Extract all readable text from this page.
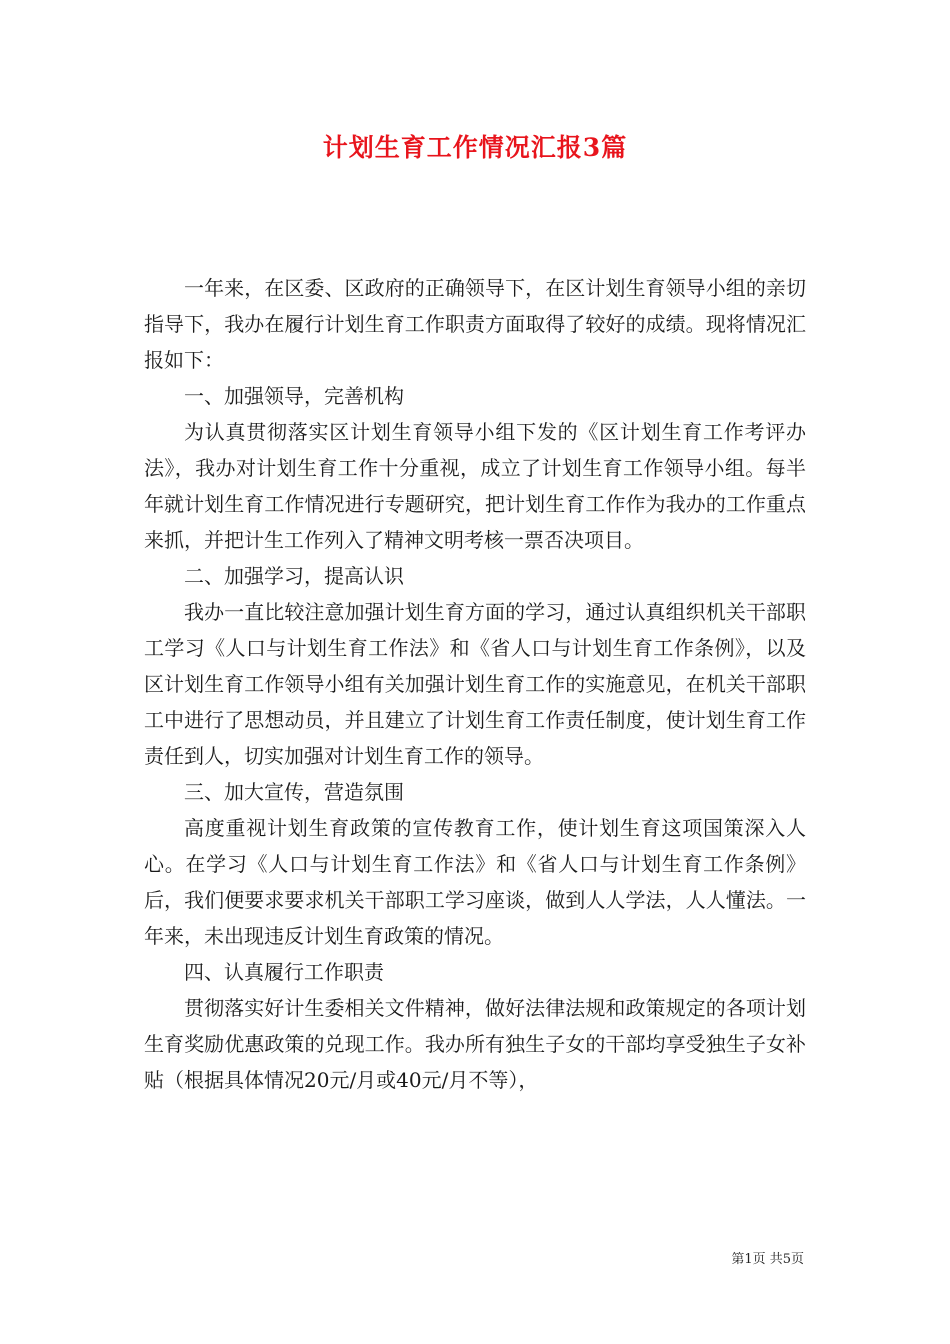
计划生育工作情况汇报3篇

一年来，在区委、区政府的正确领导下，在区计划生育领导小组的亲切指导下，我办在履行计划生育工作职责方面取得了较好的成绩。现将情况汇报如下：

一、加强领导，完善机构

为认真贯彻落实区计划生育领导小组下发的《区计划生育工作考评办法》，我办对计划生育工作十分重视，成立了计划生育工作领导小组。每半年就计划生育工作情况进行专题研究，把计划生育工作作为我办的工作重点来抓，并把计生工作列入了精神文明考核一票否决项目。

二、加强学习，提高认识

我办一直比较注意加强计划生育方面的学习，通过认真组织机关干部职工学习《人口与计划生育工作法》和《省人口与计划生育工作条例》，以及区计划生育工作领导小组有关加强计划生育工作的实施意见，在机关干部职工中进行了思想动员，并且建立了计划生育工作责任制度，使计划生育工作责任到人，切实加强对计划生育工作的领导。

三、加大宣传，营造氛围

高度重视计划生育政策的宣传教育工作，使计划生育这项国策深入人心。在学习《人口与计划生育工作法》和《省人口与计划生育工作条例》后，我们便要求要求机关干部职工学习座谈，做到人人学法，人人懂法。一年来，未出现违反计划生育政策的情况。

四、认真履行工作职责

贯彻落实好计生委相关文件精神，做好法律法规和政策规定的各项计划生育奖励优惠政策的兑现工作。我办所有独生子女的干部均享受独生子女补贴（根据具体情况20元/月或40元/月不等），

第1页 共5页
